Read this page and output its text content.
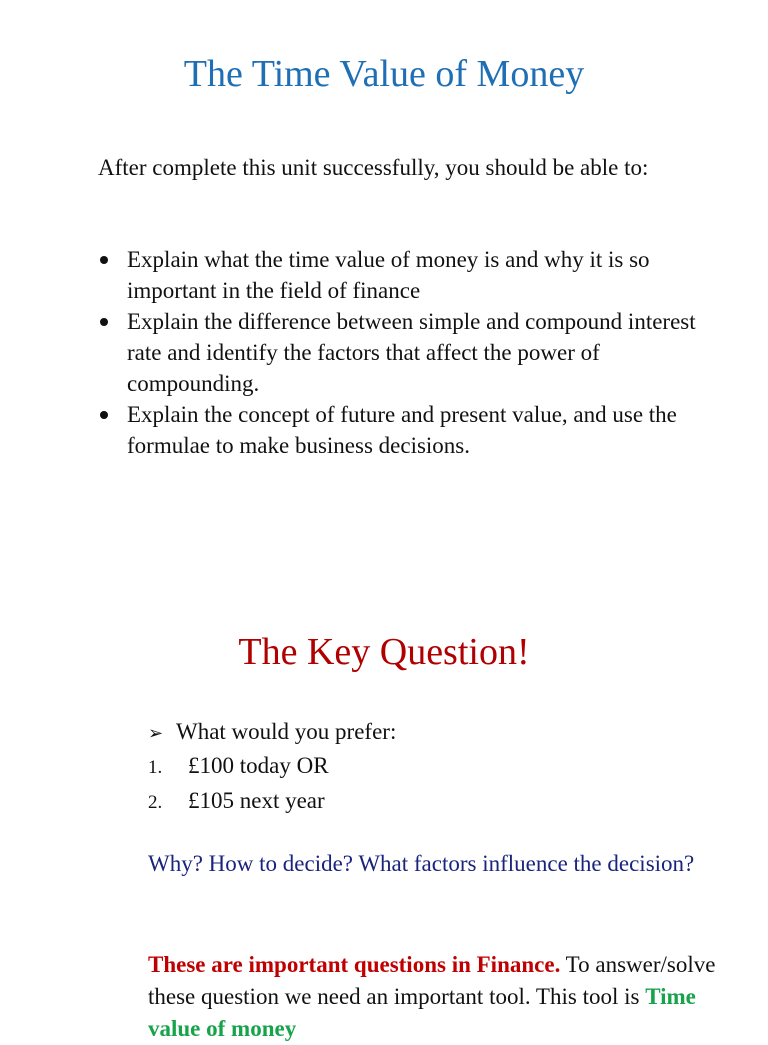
The Time Value of Money
After complete this unit successfully, you should be able to:
Explain what the time value of money is and why it is so important in the field of finance
Explain the difference between simple and compound interest rate and identify the factors that affect the power of compounding.
Explain the concept of future and present value, and use the formulae to make business decisions.
The Key Question!
➢ What would you prefer:
1. £100 today OR
2. £105 next year
Why? How to decide? What factors influence the decision?
These are important questions in Finance. To answer/solve these question we need an important tool. This tool is Time value of money
